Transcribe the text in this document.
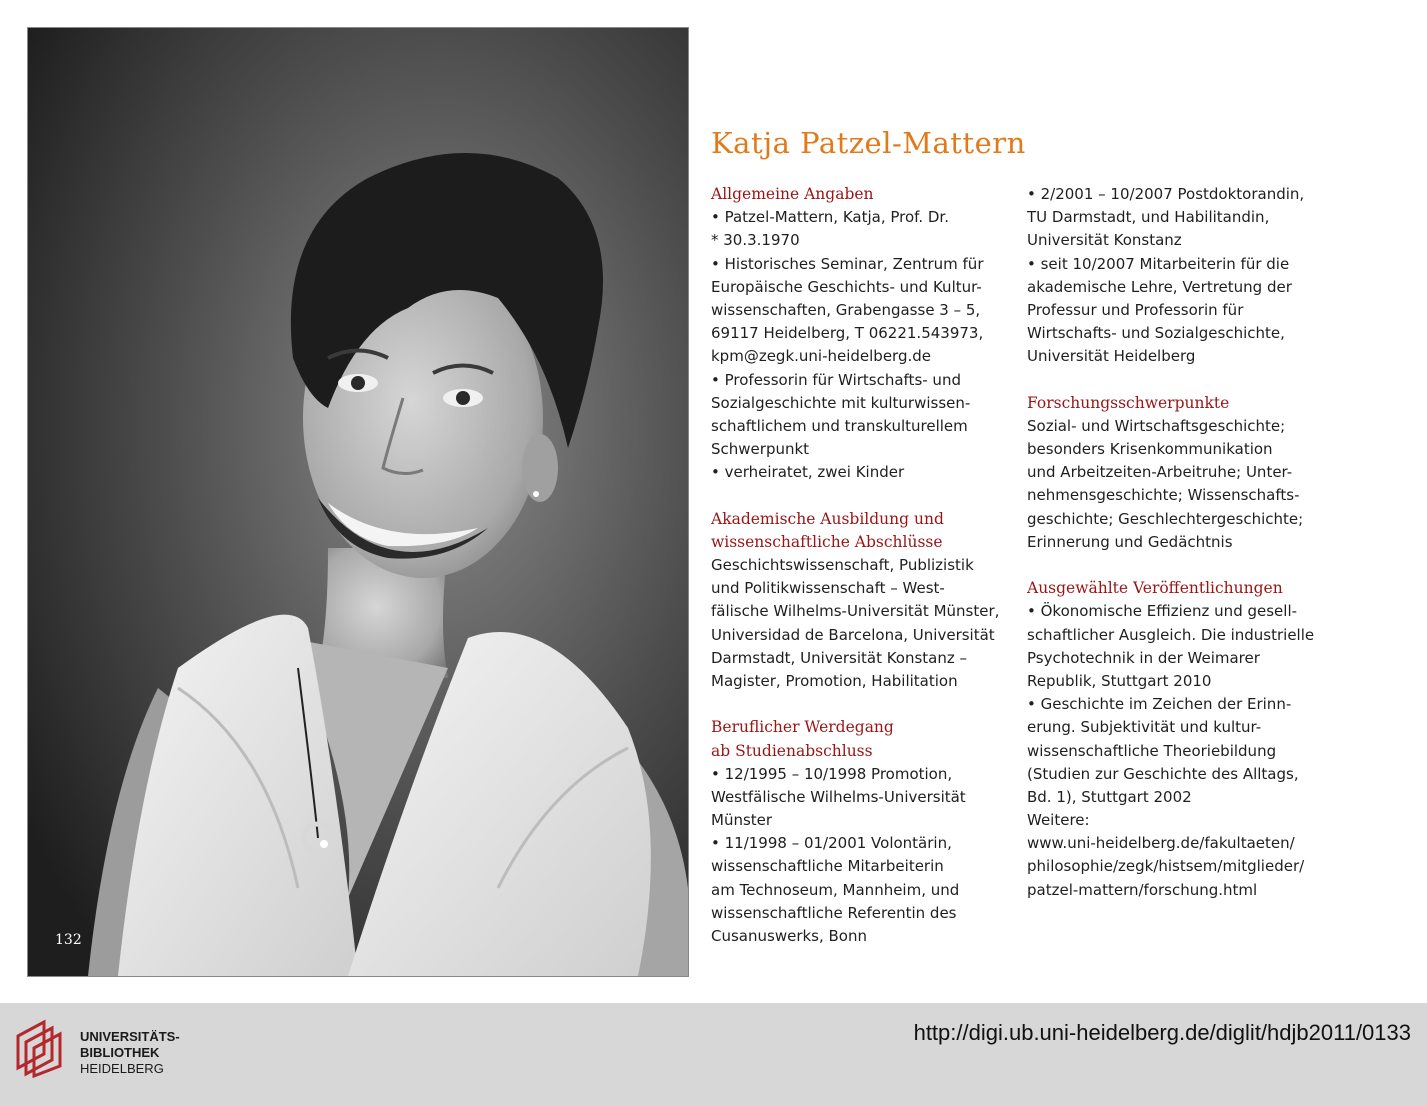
132
Katja Patzel-Mattern
Allgemeine Angaben
• Patzel-Mattern, Katja, Prof. Dr.
* 30.3.1970
• Historisches Seminar, Zentrum für
Europäische Geschichts- und Kultur-
wissenschaften, Grabengasse 3 – 5,
69117 Heidelberg, T 06221.543973,
kpm@zegk.uni-heidelberg.de
• Professorin für Wirtschafts- und
Sozialgeschichte mit kulturwissen-
schaftlichem und transkulturellem
Schwerpunkt
• verheiratet, zwei Kinder
Akademische Ausbildung und
wissenschaftliche Abschlüsse
Geschichtswissenschaft, Publizistik
und Politikwissenschaft – West-
fälische Wilhelms-Universität Münster,
Universidad de Barcelona, Universität
Darmstadt, Universität Konstanz –
Magister, Promotion, Habilitation
Beruflicher Werdegang
ab Studienabschluss
• 12/1995 – 10/1998 Promotion,
Westfälische Wilhelms-Universität
Münster
• 11/1998 – 01/2001 Volontärin,
wissenschaftliche Mitarbeiterin
am Technoseum, Mannheim, und
wissenschaftliche Referentin des
Cusanuswerks, Bonn
• 2/2001 – 10/2007 Postdoktorandin,
TU Darmstadt, und Habilitandin,
Universität Konstanz
• seit 10/2007 Mitarbeiterin für die
akademische Lehre, Vertretung der
Professur und Professorin für
Wirtschafts- und Sozialgeschichte,
Universität Heidelberg
Forschungsschwerpunkte
Sozial- und Wirtschaftsgeschichte;
besonders Krisenkommunikation
und Arbeitzeiten-Arbeitruhe; Unter-
nehmensgeschichte; Wissenschafts-
geschichte; Geschlechtergeschichte;
Erinnerung und Gedächtnis
Ausgewählte Veröffentlichungen
• Ökonomische Effizienz und gesell-
schaftlicher Ausgleich. Die industrielle
Psychotechnik in der Weimarer
Republik, Stuttgart 2010
• Geschichte im Zeichen der Erinn-
erung. Subjektivität und kultur-
wissenschaftliche Theoriebildung
(Studien zur Geschichte des Alltags,
Bd. 1), Stuttgart 2002
Weitere:
www.uni-heidelberg.de/fakultaeten/
philosophie/zegk/histsem/mitglieder/
patzel-mattern/forschung.html
UNIVERSITÄTS-
BIBLIOTHEK
HEIDELBERG
http://digi.ub.uni-heidelberg.de/diglit/hdjb2011/0133
